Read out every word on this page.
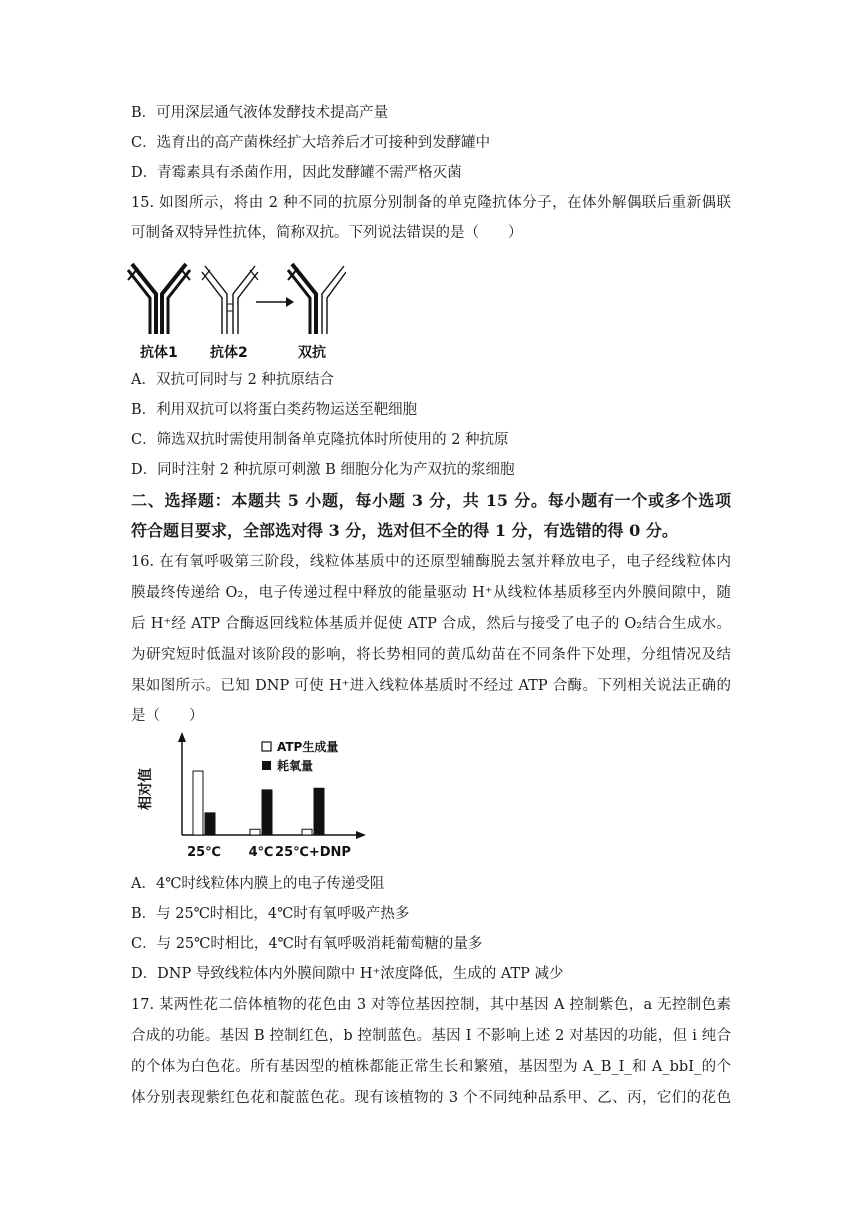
B．可用深层通气液体发酵技术提高产量
C．选育出的高产菌株经扩大培养后才可接种到发酵罐中
D．青霉素具有杀菌作用，因此发酵罐不需严格灭菌
15. 如图所示，将由 2 种不同的抗原分别制备的单克隆抗体分子，在体外解偶联后重新偶联
可制备双特异性抗体，简称双抗。下列说法错误的是（　　）
抗体1 抗体2	双抗
A．双抗可同时与 2 种抗原结合
B．利用双抗可以将蛋白类药物运送至靶细胞
C．筛选双抗时需使用制备单克隆抗体时所使用的 2 种抗原
D．同时注射 2 种抗原可刺激 B 细胞分化为产双抗的浆细胞
二、选择题：本题共 5 小题，每小题 3 分，共 15 分。每小题有一个或多个选项
符合题目要求，全部选对得 3 分，选对但不全的得 1 分，有选错的得 0 分。
16. 在有氧呼吸第三阶段，线粒体基质中的还原型辅酶脱去氢并释放电子，电子经线粒体内
膜最终传递给 O₂，电子传递过程中释放的能量驱动 H⁺从线粒体基质移至内外膜间隙中，随
后 H⁺经 ATP 合酶返回线粒体基质并促使 ATP 合成，然后与接受了电子的 O₂结合生成水。
为研究短时低温对该阶段的影响，将长势相同的黄瓜幼苗在不同条件下处理，分组情况及结
果如图所示。已知 DNP 可使 H⁺进入线粒体基质时不经过 ATP 合酶。下列相关说法正确的
是（　　）
相对值
ATP生成量
耗氧量
25℃ 4℃ 25℃+DNP
A．4℃时线粒体内膜上的电子传递受阻
B．与 25℃时相比，4℃时有氧呼吸产热多
C．与 25℃时相比，4℃时有氧呼吸消耗葡萄糖的量多
D．DNP 导致线粒体内外膜间隙中 H⁺浓度降低，生成的 ATP 减少
17. 某两性花二倍体植物的花色由 3 对等位基因控制，其中基因 A 控制紫色，a 无控制色素
合成的功能。基因 B 控制红色，b 控制蓝色。基因 I 不影响上述 2 对基因的功能，但 i 纯合
的个体为白色花。所有基因型的植株都能正常生长和繁殖，基因型为 A_B_I_和 A_bbI_的个
体分别表现紫红色花和靛蓝色花。现有该植物的 3 个不同纯种品系甲、乙、丙，它们的花色
